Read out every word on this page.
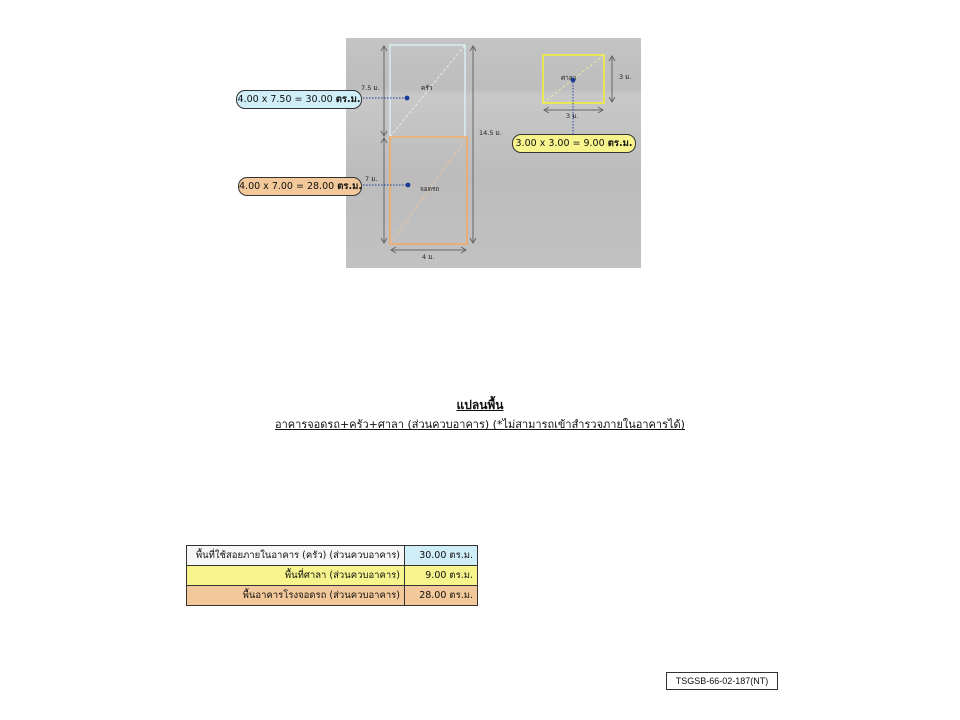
ครัว
จอดรถ
ศาลา
7.5 ม.
7 ม.
14.5 ม.
4 ม.
3 ม.
3 ม.
4.00 x 7.50 = 30.00 ตร.ม.
4.00 x 7.00 = 28.00 ตร.ม.
3.00 x 3.00 = 9.00 ตร.ม.
แปลนพื้น
อาคารจอดรถ+ครัว+ศาลา (ส่วนควบอาคาร) (*ไม่สามารถเข้าสำรวจภายในอาคารได้)
พื้นที่ใช้สอยภายในอาคาร (ครัว) (ส่วนควบอาคาร)	30.00 ตร.ม.
พื้นที่ศาลา (ส่วนควบอาคาร)	9.00 ตร.ม.
พื้นอาคารโรงจอดรถ (ส่วนควบอาคาร)	28.00 ตร.ม.
TSGSB-66-02-187(NT)
